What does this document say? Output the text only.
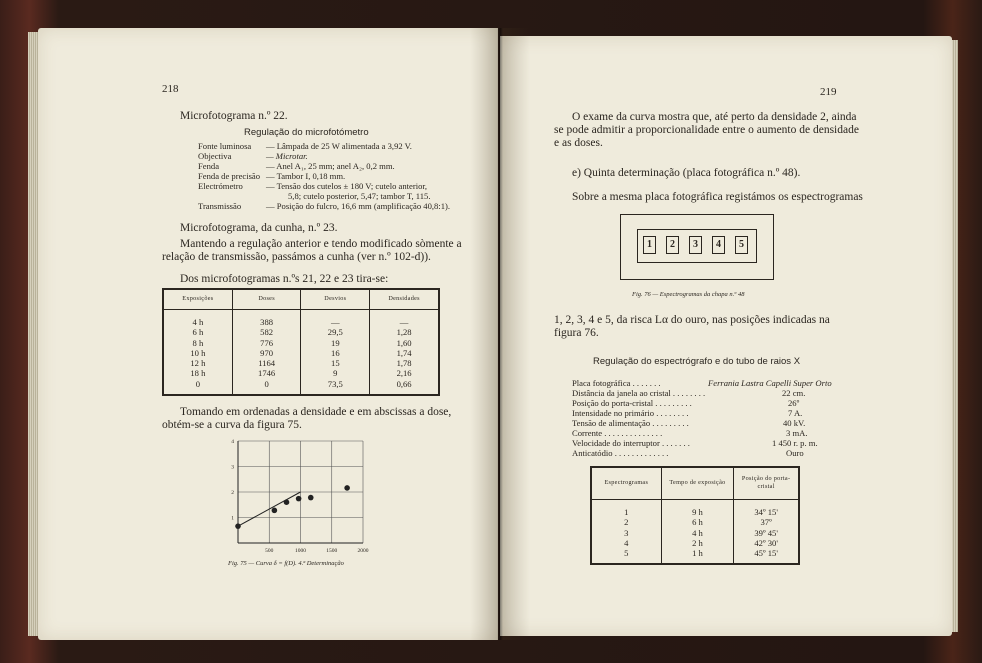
218
Microfotograma n.º 22.
Regulação do microfotómetro
Fonte luminosa — Lâmpada de 25 W alimentada a 3,92 V.
Objectiva	— Microtar.
Fenda	— Anel A₁, 25 mm; anel A₂, 0,2 mm.
Fenda de precisão — Tambor I, 0,18 mm.
Electrómetro	— Tensão dos cutelos ± 180 V; cutelo anterior,
5,8; cutelo posterior, 5,47; tambor T, 115.
Transmissão	— Posição do fulcro, 16,6 mm (amplificação 40,8:1).
Microfotograma, da cunha, n.º 23.
Mantendo a regulação anterior e tendo modificado sòmente a
relação de transmissão, passámos a cunha (ver n.º 102-d)).
Dos microfotogramas n.ºs 21, 22 e 23 tira-se:
Exposições	Doses	Desvios	Densidades

4 h	388	—	—
6 h	582	29,5	1,28
8 h	776	19	1,60
10 h	970	16	1,74
12 h	1164	15	1,78
18 h	1746	9	2,16
0	0	73,5	0,66

Tomando em ordenadas a densidade e em abscissas a dose,
obtém-se a curva da figura 75.
500	1000	1500	2000
1
2
3
4
Fig. 75 — Curva δ = f(D). 4.ª Determinação
219
O exame da curva mostra que, até perto da densidade 2, ainda
se pode admitir a proporcionalidade entre o aumento de densidade
e as doses.
e) Quinta determinação (placa fotográfica n.º 48).
Sobre a mesma placa fotográfica registámos os espectrogramas
1	2	3	4	5
Fig. 76 — Espectrogramas da chapa n.º 48
1, 2, 3, 4 e 5, da risca Lα do ouro, nas posições indicadas na
figura 76.
Regulação do espectrógrafo e do tubo de raios X
Placa fotográfica . . . . . . .	Ferrania Lastra Capelli Super Orto
Distância da janela ao cristal . . . . . . . .	22 cm.
Posição do porta-cristal . . . . . . . . .	26º
Intensidade no primário . . . . . . . .	7 A.
Tensão de alimentação . . . . . . . . .	40 kV.
Corrente . . . . . . . . . . . . . .	3 mA.
Velocidade do interruptor . . . . . . .	1 450 r. p. m.
Anticatódio . . . . . . . . . . . . .	Ouro
Espectrogramas	Tempo de exposição	Posição do porta-cristal

1	9 h	34º 15'
2	6 h	37º
3	4 h	39º 45'
4	2 h	42º 30'
5	1 h	45º 15'
